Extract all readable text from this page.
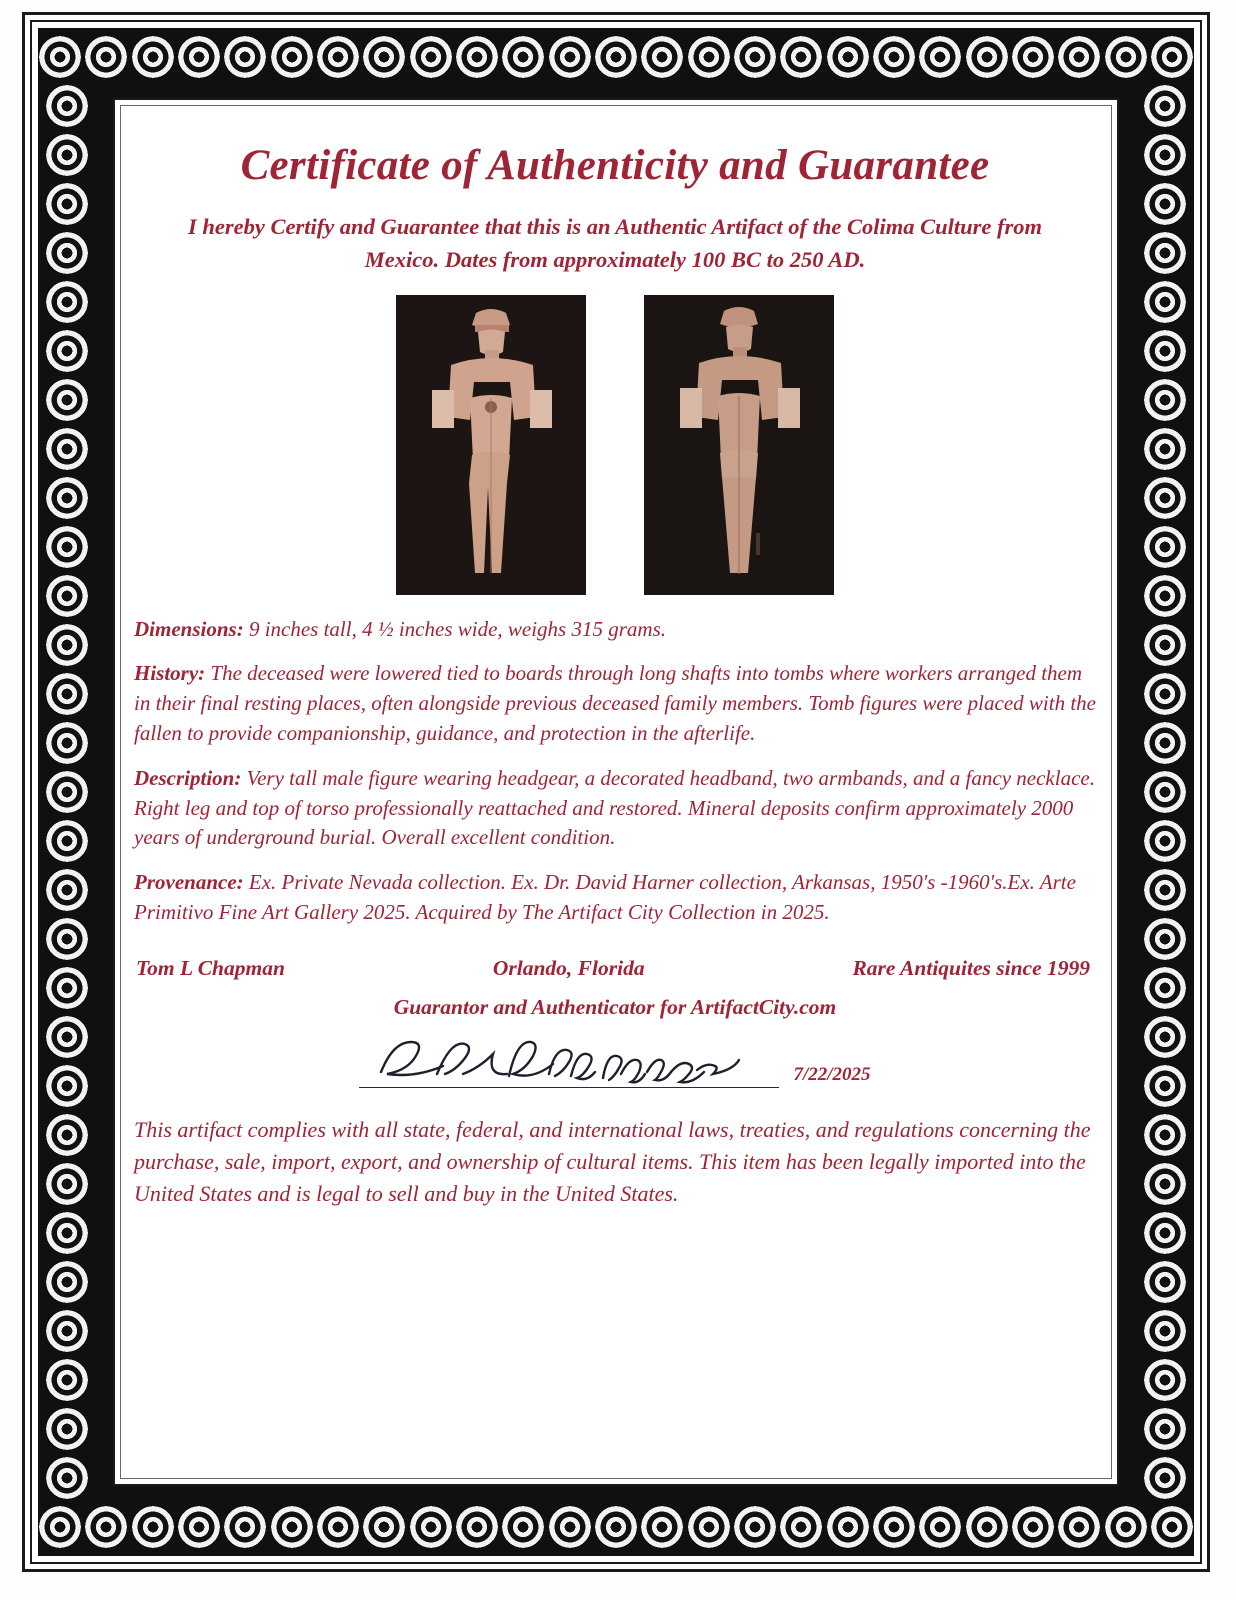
Certificate of Authenticity and Guarantee
I hereby Certify and Guarantee that this is an Authentic Artifact of the Colima Culture from Mexico. Dates from approximately 100 BC to 250 AD.
Dimensions: 9 inches tall, 4 ½ inches wide, weighs 315 grams.
History: The deceased were lowered tied to boards through long shafts into tombs where workers arranged them in their final resting places, often alongside previous deceased family members. Tomb figures were placed with the fallen to provide companionship, guidance, and protection in the afterlife.
Description: Very tall male figure wearing headgear, a decorated headband, two armbands, and a fancy necklace. Right leg and top of torso professionally reattached and restored. Mineral deposits confirm approximately 2000 years of underground burial. Overall excellent condition.
Provenance: Ex. Private Nevada collection. Ex. Dr. David Harner collection, Arkansas, 1950's -1960's.Ex. Arte Primitivo Fine Art Gallery 2025. Acquired by The Artifact City Collection in 2025.
Tom L Chapman	Orlando, Florida	Rare Antiquites since 1999
Guarantor and Authenticator for ArtifactCity.com
7/22/2025
This artifact complies with all state, federal, and international laws, treaties, and regulations concerning the purchase, sale, import, export, and ownership of cultural items. This item has been legally imported into the United States and is legal to sell and buy in the United States.
